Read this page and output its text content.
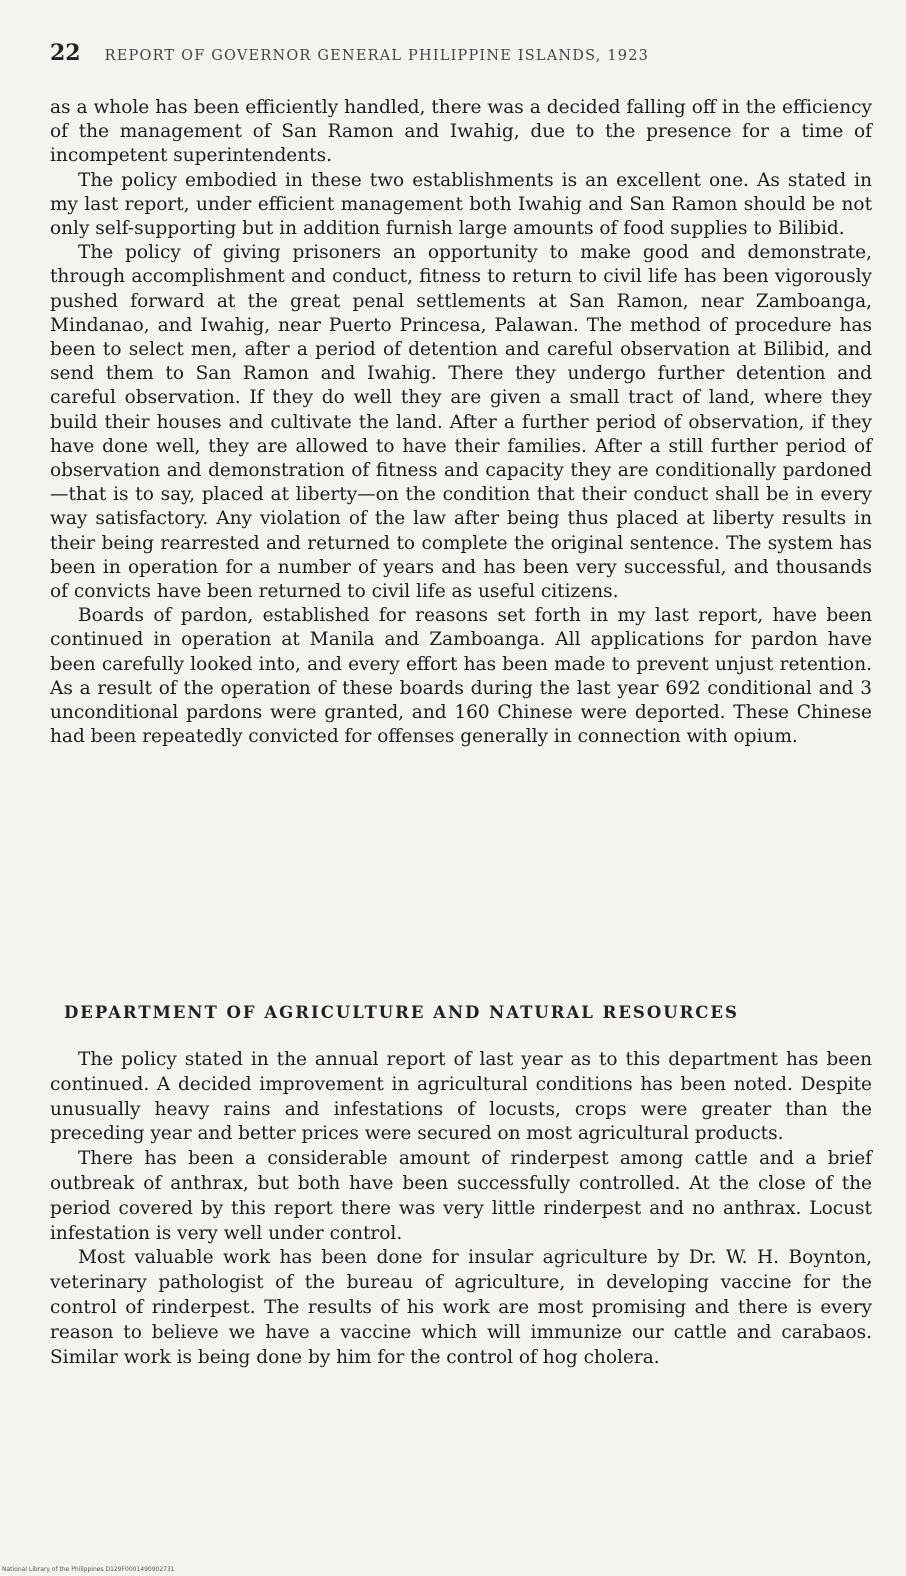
22 REPORT OF GOVERNOR GENERAL PHILIPPINE ISLANDS, 1923

as a whole has been efficiently handled, there was a decided falling off in the efficiency of the management of San Ramon and Iwahig, due to the presence for a time of incompetent superintendents.

The policy embodied in these two establishments is an excellent one. As stated in my last report, under efficient management both Iwahig and San Ramon should be not only self-supporting but in addition furnish large amounts of food supplies to Bilibid.

The policy of giving prisoners an opportunity to make good and demonstrate, through accomplishment and conduct, fitness to return to civil life has been vigorously pushed forward at the great penal settlements at San Ramon, near Zamboanga, Mindanao, and Iwahig, near Puerto Princesa, Palawan. The method of procedure has been to select men, after a period of detention and careful observation at Bilibid, and send them to San Ramon and Iwahig. There they undergo further detention and careful observation. If they do well they are given a small tract of land, where they build their houses and cultivate the land. After a further period of observation, if they have done well, they are allowed to have their families. After a still further period of observation and demonstration of fitness and capacity they are conditionally pardoned—that is to say, placed at liberty—on the condition that their conduct shall be in every way satisfactory. Any violation of the law after being thus placed at liberty results in their being rearrested and returned to complete the original sentence. The system has been in operation for a number of years and has been very successful, and thousands of convicts have been returned to civil life as useful citizens.

Boards of pardon, established for reasons set forth in my last report, have been continued in operation at Manila and Zamboanga. All applications for pardon have been carefully looked into, and every effort has been made to prevent unjust retention. As a result of the operation of these boards during the last year 692 conditional and 3 unconditional pardons were granted, and 160 Chinese were deported. These Chinese had been repeatedly convicted for offenses generally in connection with opium.

DEPARTMENT OF AGRICULTURE AND NATURAL RESOURCES

The policy stated in the annual report of last year as to this department has been continued. A decided improvement in agricultural conditions has been noted. Despite unusually heavy rains and infestations of locusts, crops were greater than the preceding year and better prices were secured on most agricultural products.

There has been a considerable amount of rinderpest among cattle and a brief outbreak of anthrax, but both have been successfully controlled. At the close of the period covered by this report there was very little rinderpest and no anthrax. Locust infestation is very well under control.

Most valuable work has been done for insular agriculture by Dr. W. H. Boynton, veterinary pathologist of the bureau of agriculture, in developing vaccine for the control of rinderpest. The results of his work are most promising and there is every reason to believe we have a vaccine which will immunize our cattle and carabaos. Similar work is being done by him for the control of hog cholera.

National Library of the Philippines D129F0001490902731
